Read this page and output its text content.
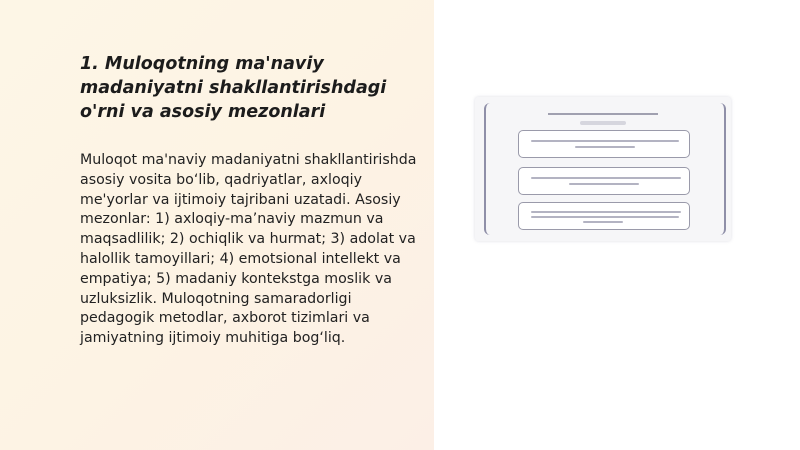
1. Muloqotning ma'naviy madaniyatni shakllantirishdagi o'rni va asosiy mezonlari

Muloqot ma'naviy madaniyatni shakllantirishda asosiy vosita bo‘lib, qadriyatlar, axloqiy me'yorlar va ijtimoiy tajribani uzatadi. Asosiy mezonlar: 1) axloqiy-ma’naviy mazmun va maqsadlilik; 2) ochiqlik va hurmat; 3) adolat va halollik tamoyillari; 4) emotsional intellekt va empatiya; 5) madaniy kontekstga moslik va uzluksizlik. Muloqotning samaradorligi pedagogik metodlar, axborot tizimlari va jamiyatning ijtimoiy muhitiga bog‘liq.
